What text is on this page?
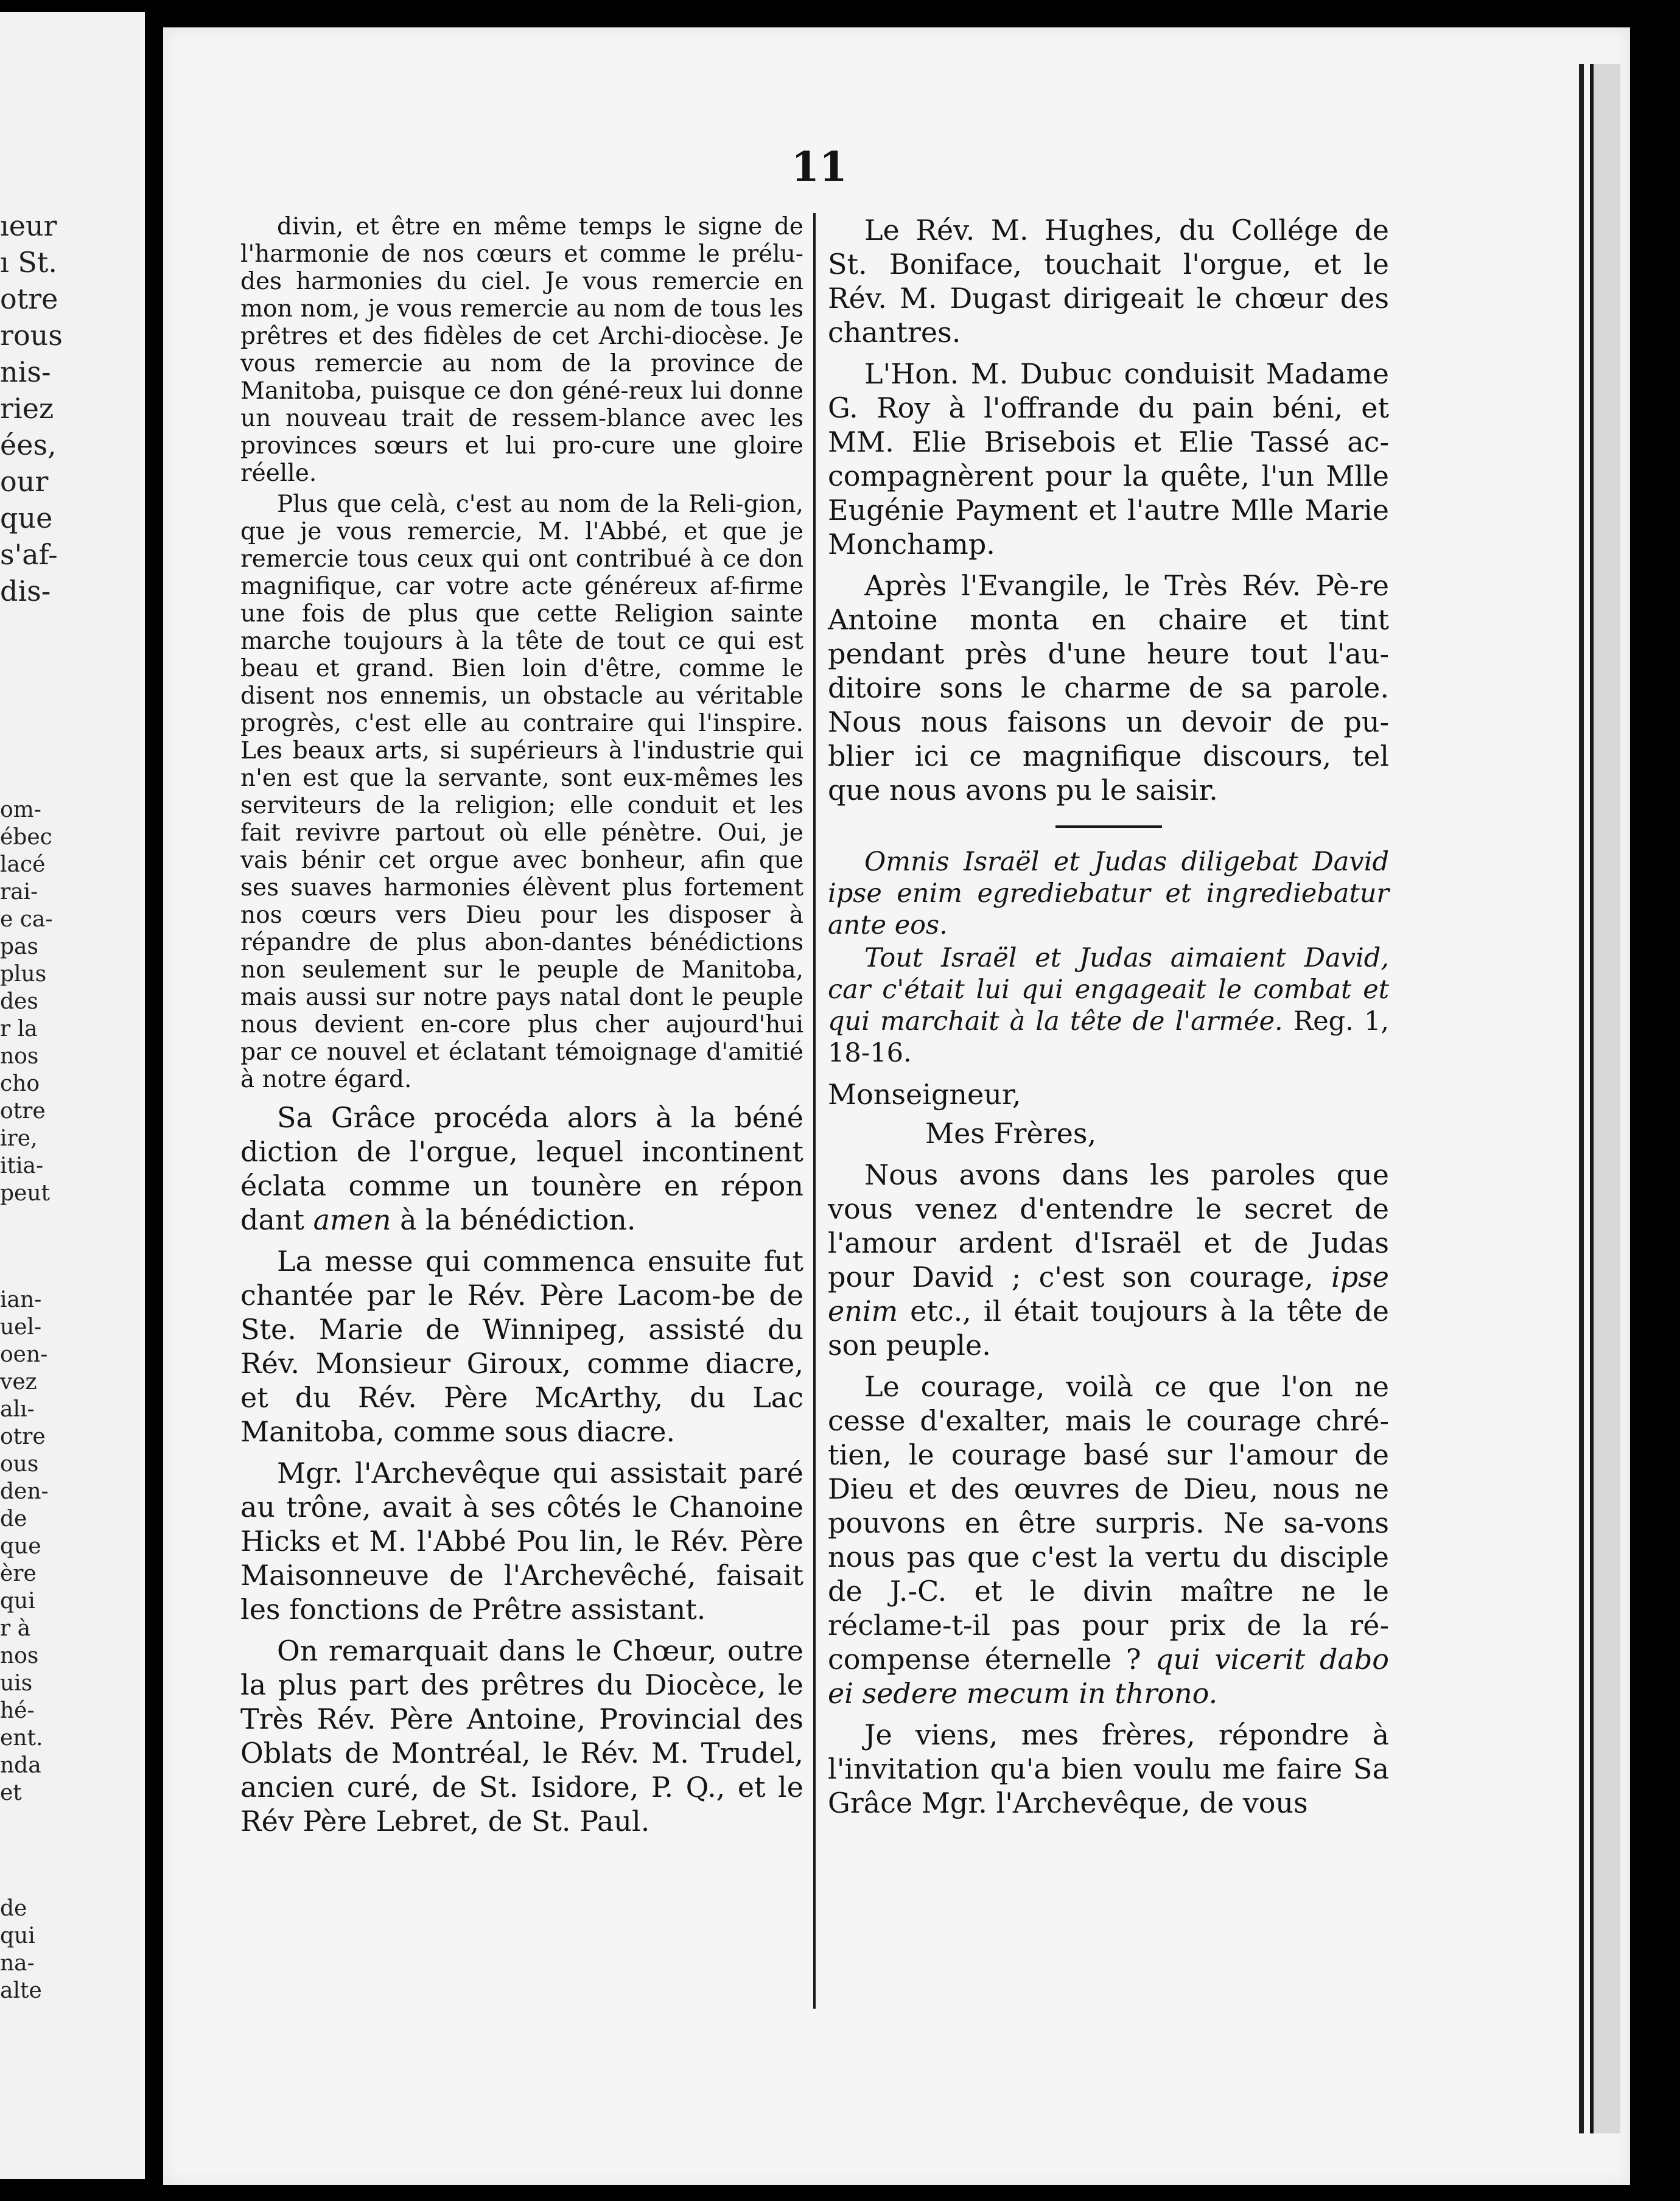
ıeur
ı St.
otre
rous
nis-
riez
ées,
our
que
s'af-
dis-
om-
ébec
lacé
rai-
e ca-
pas
plus
des
r la
nos
cho
otre
ire,
itia-
peut
ian-
uel-
oen-
vez
alı-
otre
ous
den-
de
que
ère
qui
r à
nos
uis
hé-
ent.
nda
et
de
qui
na-
alte
11

divin, et être en même temps le signe de l'harmonie de nos cœurs et comme le prélu-des harmonies du ciel. Je vous remercie en mon nom, je vous remercie au nom de tous les prêtres et des fidèles de cet Archi-diocèse. Je vous remercie au nom de la province de Manitoba, puisque ce don géné-reux lui donne un nouveau trait de ressem-blance avec les provinces sœurs et lui pro-cure une gloire réelle.

Plus que celà, c'est au nom de la Reli-gion, que je vous remercie, M. l'Abbé, et que je remercie tous ceux qui ont contribué à ce don magnifique, car votre acte généreux af-firme une fois de plus que cette Religion sainte marche toujours à la tête de tout ce qui est beau et grand. Bien loin d'être, comme le disent nos ennemis, un obstacle au véritable progrès, c'est elle au contraire qui l'inspire. Les beaux arts, si supérieurs à l'industrie qui n'en est que la servante, sont eux-mêmes les serviteurs de la religion; elle conduit et les fait revivre partout où elle pénètre. Oui, je vais bénir cet orgue avec bonheur, afin que ses suaves harmonies élèvent plus fortement nos cœurs vers Dieu pour les disposer à répandre de plus abon-dantes bénédictions non seulement sur le peuple de Manitoba, mais aussi sur notre pays natal dont le peuple nous devient en-core plus cher aujourd'hui par ce nouvel et éclatant témoignage d'amitié à notre égard.

Sa Grâce procéda alors à la béné diction de l'orgue, lequel incontinent éclata comme un tounère en répon dant amen à la bénédiction.

La messe qui commenca ensuite fut chantée par le Rév. Père Lacom-be de Ste. Marie de Winnipeg, assisté du Rév. Monsieur Giroux, comme diacre, et du Rév. Père McArthy, du Lac Manitoba, comme sous diacre.

Mgr. l'Archevêque qui assistait paré au trône, avait à ses côtés le Chanoine Hicks et M. l'Abbé Pou lin, le Rév. Père Maisonneuve de l'Archevêché, faisait les fonctions de Prêtre assistant.

On remarquait dans le Chœur, outre la plus part des prêtres du Diocèce, le Très Rév. Père Antoine, Provincial des Oblats de Montréal, le Rév. M. Trudel, ancien curé, de St. Isidore, P. Q., et le Rév Père Lebret, de St. Paul.

Le Rév. M. Hughes, du Collége de St. Boniface, touchait l'orgue, et le Rév. M. Dugast dirigeait le chœur des chantres.

L'Hon. M. Dubuc conduisit Madame G. Roy à l'offrande du pain béni, et MM. Elie Brisebois et Elie Tassé ac-compagnèrent pour la quête, l'un Mlle Eugénie Payment et l'autre Mlle Marie Monchamp.

Après l'Evangile, le Très Rév. Pè-re Antoine monta en chaire et tint pendant près d'une heure tout l'au-ditoire sons le charme de sa parole. Nous nous faisons un devoir de pu-blier ici ce magnifique discours, tel que nous avons pu le saisir.

Omnis Israël et Judas diligebat David ipse enim egrediebatur et ingrediebatur ante eos.

Tout Israël et Judas aimaient David, car c'était lui qui engageait le combat et qui marchait à la tête de l'armée. Reg. 1, 18-16.

Monseigneur,

Mes Frères,

Nous avons dans les paroles que vous venez d'entendre le secret de l'amour ardent d'Israël et de Judas pour David ; c'est son courage, ipse enim etc., il était toujours à la tête de son peuple.

Le courage, voilà ce que l'on ne cesse d'exalter, mais le courage chré-tien, le courage basé sur l'amour de Dieu et des œuvres de Dieu, nous ne pouvons en être surpris. Ne sa-vons nous pas que c'est la vertu du disciple de J.-C. et le divin maître ne le réclame-t-il pas pour prix de la ré-compense éternelle ? qui vicerit dabo ei sedere mecum in throno.

Je viens, mes frères, répondre à l'invitation qu'a bien voulu me faire Sa Grâce Mgr. l'Archevêque, de vous
